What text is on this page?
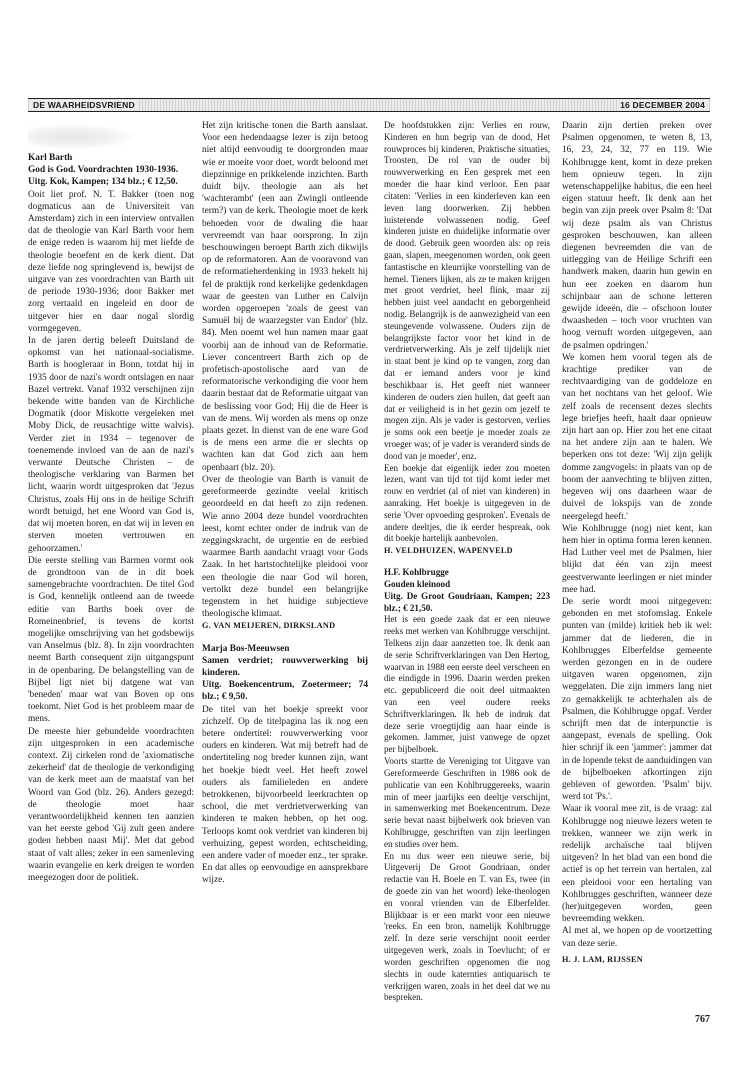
DE WAARHEIDSVRIEND	16 DECEMBER 2004

Karl Barth

God is God. Voordrachten 1930-1936.

Uitg. Kok, Kampen; 134 blz.; € 12,50.

Ooit liet prof. N. T. Bakker (toen nog dogmaticus aan de Universiteit van Amsterdam) zich in een interview ontvallen dat de theologie van Karl Barth voor hem de enige reden is waarom hij met liefde de theologie beoefent en de kerk dient. Dat deze liefde nog springlevend is, bewijst de uitgave van zes voordrachten van Barth uit de periode 1930-1936; door Bakker met zorg vertaald en ingeleid en door de uitgever hier en daar nogal slordig vormgegeven.

In de jaren dertig beleeft Duitsland de opkomst van het nationaal-socialisme. Barth is hoogleraar in Bonn, totdat hij in 1935 door de nazi's wordt ontslagen en naar Bazel vertrekt. Vanaf 1932 verschijnen zijn bekende witte banden van de Kirchliche Dogmatik (door Miskotte vergeleken met Moby Dick, de reusachtige witte walvis). Verder ziet in 1934 – tegenover de toenemende invloed van de aan de nazi's verwante Deutsche Christen – de theologische verklaring van Barmen het licht, waarin wordt uitgesproken dat 'Jezus Christus, zoals Hij ons in de heilige Schrift wordt betuigd, het ene Woord van God is, dat wij moeten horen, en dat wij in leven en sterven moeten vertrouwen en gehoorzamen.'

Die eerste stelling van Barmen vormt ook de grondtoon van de in dit boek samengebrachte voordrachten. De titel God is God, kennelijk ontleend aan de tweede editie van Barths boek over de Romeinenbrief, is tevens de kortst mogelijke omschrijving van het godsbewijs van Anselmus (blz. 8). In zijn voordrachten neemt Barth consequent zijn uitgangspunt in de openbaring. De belangstelling van de Bijbel ligt niet bij datgene wat van 'beneden' maar wat van Boven op ons toekomt. Niet God is het probleem maar de mens.

De meeste hier gebundelde voordrachten zijn uitgesproken in een academische context. Zij cirkelen rond de 'axiomatische zekerheid' dat de theologie de verkondiging van de kerk meet aan de maatstaf van het Woord van God (blz. 26). Anders gezegd: de theologie moet haar verantwoordelijkheid kennen ten aanzien van het eerste gebod 'Gij zult geen andere goden hebben naast Mij'. Met dat gebod staat of valt alles; zeker in een samenleving waarin evangelie en kerk dreigen te worden meegezogen door de politiek.

Het zijn kritische tonen die Barth aanslaat. Voor een hedendaagse lezer is zijn betoog niet altijd eenvoudig te doorgronden maar wie er moeite voor doet, wordt beloond met diepzinnige en prikkelende inzichten. Barth duidt bijv. theologie aan als het 'wachterambt' (een aan Zwingli ontleende term?) van de kerk. Theologie moet de kerk behoeden voor de dwaling die haar vervreemdt van haar oorsprong. In zijn beschouwingen beroept Barth zich dikwijls op de reformatoren. Aan de vooravond van de reformatieherdenking in 1933 hekelt hij fel de praktijk rond kerkelijke gedenkdagen waar de geesten van Luther en Calvijn worden opgeroepen 'zoals de geest van Samuël bij de waarzegster van Endor' (blz. 84). Men noemt wel hun namen maar gaat voorbij aan de inhoud van de Reformatie. Liever concentreert Barth zich op de profetisch-apostolische aard van de reformatorische verkondiging die voor hem daarin bestaat dat de Reformatie uitgaat van de beslissing voor God; Hij die de Heer is van de mens. Wij worden als mens op onze plaats gezet. In dienst van de ene ware God is de mens een arme die er slechts op wachten kan dat God zich aan hem openbaart (blz. 20).

Over de theologie van Barth is vanuit de gereformeerde gezindte veelal kritisch geoordeeld en dat heeft zo zijn redenen. Wie anno 2004 deze bundel voordrachten leest, komt echter onder de indruk van de zeggingskracht, de urgentie en de eerbied waarmee Barth aandacht vraagt voor Gods Zaak. In het hartstochtelijke pleidooi voor een theologie die naar God wil horen, vertolkt deze bundel een belangrijke tegenstem in het huidige subjectieve theologische klimaat.

G. VAN MEIJEREN, DIRKSLAND

Marja Bos-Meeuwsen

Samen verdriet; rouwverwerking bij kinderen.

Uitg. Boekencentrum, Zoetermeer; 74 blz.; € 9,50.

De titel van het boekje spreekt voor zichzelf. Op de titelpagina las ik nog een betere ondertitel: rouwverwerking voor ouders en kinderen. Wat mij betreft had de ondertiteling nog breder kunnen zijn, want het boekje biedt veel. Het heeft zowel ouders als familieleden en andere betrokkenen, bijvoorbeeld leerkrachten op school, die met verdrietverwerking van kinderen te maken hebben, op het oog. Terloops komt ook verdriet van kinderen bij verhuizing, gepest worden, echtscheiding, een andere vader of moeder enz., ter sprake. En dat alles op eenvoudige en aansprekbare wijze.

De hoofdstukken zijn: Verlies en rouw, Kinderen en hun begrip van de dood, Het rouwproces bij kinderen, Praktische situaties, Troosten, De rol van de ouder bij rouwverwerking en Een gesprek met een moeder die haar kind verloor. Een paar citaten: 'Verlies in een kinderleven kan een leven lang doorwerken. Zij hebben luisterende volwassenen nodig. Geef kinderen juiste en duidelijke informatie over de dood. Gebruik geen woorden als: op reis gaan, slapen, meegenomen worden, ook geen fantastische en kleurrijke voorstelling van de hemel. Tieners lijken, als ze te maken krijgen met groot verdriet, heel flink, maar zij hebben juist veel aandacht en geborgenheid nodig. Belangrijk is de aanwezigheid van een steungevende volwassene. Ouders zijn de belangrijkste factor voor het kind in de verdrietverwerking. Als je zelf tijdelijk niet in staat bent je kind op te vangen, zorg dan dat er iemand anders voor je kind beschikbaar is. Het geeft niet wanneer kinderen de ouders zien huilen, dat geeft aan dat er veiligheid is in het gezin om jezelf te mogen zijn. Als je vader is gestorven, verlies je soms ook een beetje je moeder zoals ze vroeger was; of je vader is veranderd sinds de dood van je moeder', enz.

Een boekje dat eigenlijk ieder zou moeten lezen, want van tijd tot tijd komt ieder met rouw en verdriet (al of niet van kinderen) in aanraking. Het boekje is uitgegeven in de serie 'Over opvoeding gesproken'. Evenals de andere deeltjes, die ik eerder bespreak, ook dit boekje hartelijk aanbevolen.

H. VELDHUIZEN, WAPENVELD

H.F. Kohlbrugge

Gouden kleinood

Uitg. De Groot Goudriaan, Kampen; 223 blz.; € 21,50.

Het is een goede zaak dat er een nieuwe reeks met werken van Kohlbrugge verschijnt. Telkens zijn daar aanzetten toe. Ik denk aan de serie Schriftverklaringen van Den Hertog, waarvan in 1988 een eerste deel verscheen en die eindigde in 1996. Daarin werden preken etc. gepubliceerd die ooit deel uitmaakten van een veel oudere reeks Schriftverklaringen. Ik heb de indruk dat deze serie vroegtijdig aan haar einde is gekomen. Jammer, juist vanwege de opzet per bijbelboek.

Voorts startte de Vereniging tot Uitgave van Gereformeerde Geschriften in 1986 ook de publicatie van een Kohlbruggereeks, waarin min of meer jaarlijks een deeltje verschijnt, in samenwerking met Boekencentrum. Deze serie bevat naast bijbelwerk ook brieven van Kohlbrugge, geschriften van zijn leerlingen en studies over hem.

En nu dus weer een nieuwe serie, bij Uitgeverij De Groot Goudriaan, onder redactie van H. Boele en T. van Es, twee (in de goede zin van het woord) leke-theologen en vooral vrienden van de Elberfelder. Blijkbaar is er een markt voor een nieuwe 'reeks. En een bron, namelijk Kohlbrugge zelf. In deze serie verschijnt nooit eerder uitgegeven werk, zoals in Toevlucht; of er worden geschriften opgenomen die nog slechts in oude katernties antiquarisch te verkrijgen waren, zoals in het deel dat we nu bespreken.

Daarin zijn dertien preken over Psalmen opgenomen, te weten 8, 13, 16, 23, 24, 32, 77 en 119. Wie Kohlbrugge kent, komt in deze preken hem opnieuw tegen. In zijn wetenschappelijke habitus, die een heel eigen statuur heeft. Ik denk aan het begin van zijn preek over Psalm 8: 'Dat wij deze psalm als van Christus gesproken beschouwen, kan alleen diegenen bevreemden die van de uitlegging van de Heilige Schrift een handwerk maken, daarin hun gewin en hun eer zoeken en daarom hun schijnbaar aan de schone letteren gewijde ideeën, die – ofschoon louter dwaasheden – toch voor vruchten van hoog vernuft worden uitgegeven, aan de psalmen opdringen.'

We komen hem vooral tegen als de krachtige prediker van de rechtvaardiging van de goddeloze en van het nochtans van het geloof. Wie zelf zoals de recensent dezes slechts lege briefjes heeft, haalt daar opnieuw zijn hart aan op. Hier zou het ene citaat na het andere zijn aan te halen. We beperken ons tot deze: 'Wij zijn gelijk domme zangvogels: in plaats van op de boom der aanvechting te blijven zitten, begeven wij ons daarheen waar de duivel de lokspijs van de zonde neergelegd heeft.'

Wie Kohlbrugge (nog) niet kent, kan hem hier in optima forma leren kennen. Had Luther veel met de Psalmen, hier blijkt dat één van zijn meest geestverwante leerlingen er niet minder mee had.

De serie wordt mooi uitgegeven: gebonden en met stofomslag. Enkele punten van (milde) kritiek heb ik wel: jammer dat de liederen, die in Kohlbrugges Elberfeldse gemeente werden gezongen en in de oudere uitgaven waren opgenomen, zijn weggelaten. Die zijn immers lang niet zo gemakkelijk te achterhalen als de Psalmen, die Kohlbrugge opgaf. Verder schrijft men dat de interpunctie is aangepast, evenals de spelling. Ook hier schrijf ik een 'jammer': jammer dat in de lopende tekst de aanduidingen van de bijbelboeken afkortingen zijn gebleven of geworden. 'Psalm' bijv. werd tot 'Ps.'.

Waar ik vooral mee zit, is de vraag: zal Kohlbrugge nog nieuwe lezers weten te trekken, wanneer we zijn werk in redelijk archaïsche taal blijven uitgeven? In het blad van een bond die actief is op het terrein van hertalen, zal een pleidooi voor een hertaling van Kohlbrugges geschriften, wanneer deze (her)uitgegeven worden, geen bevreemding wekken.

Al met al, we hopen op de voortzetting van deze serie.

H. J. LAM, RIJSSEN

767
